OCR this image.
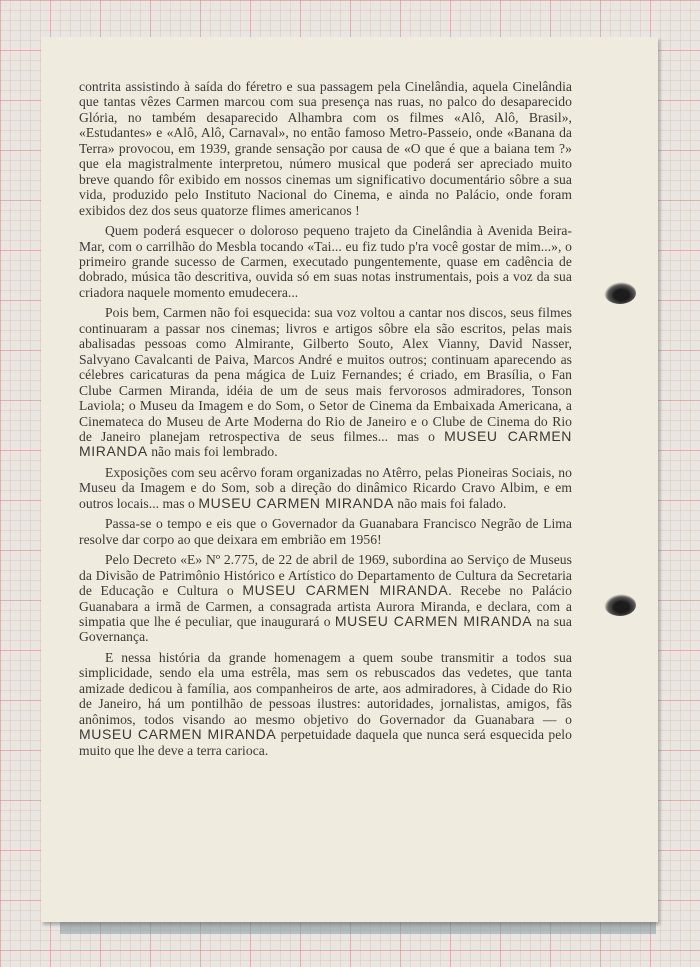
contrita assistindo à saída do féretro e sua passagem pela Cinelândia, aquela Cinelândia que tantas vêzes Carmen marcou com sua presença nas ruas, no palco do desaparecido Glória, no também desaparecido Alhambra com os filmes «Alô, Alô, Brasil», «Estudantes» e «Alô, Alô, Carnaval», no então famoso Metro-Passeio, onde «Banana da Terra» provocou, em 1939, grande sensação por causa de «O que é que a baiana tem ?» que ela magistralmente interpretou, número musical que poderá ser apreciado muito breve quando fôr exibido em nossos cinemas um significativo documentário sôbre a sua vida, produzido pelo Instituto Nacional do Cinema, e ainda no Palácio, onde foram exibidos dez dos seus quatorze flimes americanos !

Quem poderá esquecer o doloroso pequeno trajeto da Cinelândia à Avenida Beira-Mar, com o carrilhão do Mesbla tocando «Tai... eu fiz tudo p'ra você gostar de mim...», o primeiro grande sucesso de Carmen, executado pungentemente, quase em cadência de dobrado, música tão descritiva, ouvida só em suas notas instrumentais, pois a voz da sua criadora naquele momento emudecera...

Pois bem, Carmen não foi esquecida: sua voz voltou a cantar nos discos, seus filmes continuaram a passar nos cinemas; livros e artigos sôbre ela são escritos, pelas mais abalisadas pessoas como Almirante, Gilberto Souto, Alex Vianny, David Nasser, Salvyano Cavalcanti de Paiva, Marcos André e muitos outros; continuam aparecendo as célebres caricaturas da pena mágica de Luiz Fernandes; é criado, em Brasília, o Fan Clube Carmen Miranda, idéia de um de seus mais fervorosos admiradores, Tonson Laviola; o Museu da Imagem e do Som, o Setor de Cinema da Embaixada Americana, a Cinemateca do Museu de Arte Moderna do Rio de Janeiro e o Clube de Cinema do Rio de Janeiro planejam retrospectiva de seus filmes... mas o MUSEU CARMEN MIRANDA não mais foi lembrado.

Exposições com seu acêrvo foram organizadas no Atêrro, pelas Pioneiras Sociais, no Museu da Imagem e do Som, sob a direção do dinâmico Ricardo Cravo Albim, e em outros locais... mas o MUSEU CARMEN MIRANDA não mais foi falado.

Passa-se o tempo e eis que o Governador da Guanabara Francisco Negrão de Lima resolve dar corpo ao que deixara em embrião em 1956!

Pelo Decreto «E» Nº 2.775, de 22 de abril de 1969, subordina ao Serviço de Museus da Divisão de Patrimônio Histórico e Artístico do Departamento de Cultura da Secretaria de Educação e Cultura o MUSEU CARMEN MIRANDA. Recebe no Palácio Guanabara a irmã de Carmen, a consagrada artista Aurora Miranda, e declara, com a simpatia que lhe é peculiar, que inaugurará o MUSEU CARMEN MIRANDA na sua Governança.

E nessa história da grande homenagem a quem soube transmitir a todos sua simplicidade, sendo ela uma estrêla, mas sem os rebuscados das vedetes, que tanta amizade dedicou à família, aos companheiros de arte, aos admiradores, à Cidade do Rio de Janeiro, há um pontilhão de pessoas ilustres: autoridades, jornalistas, amigos, fãs anônimos, todos visando ao mesmo objetivo do Governador da Guanabara — o MUSEU CARMEN MIRANDA perpetuidade daquela que nunca será esquecida pelo muito que lhe deve a terra carioca.
